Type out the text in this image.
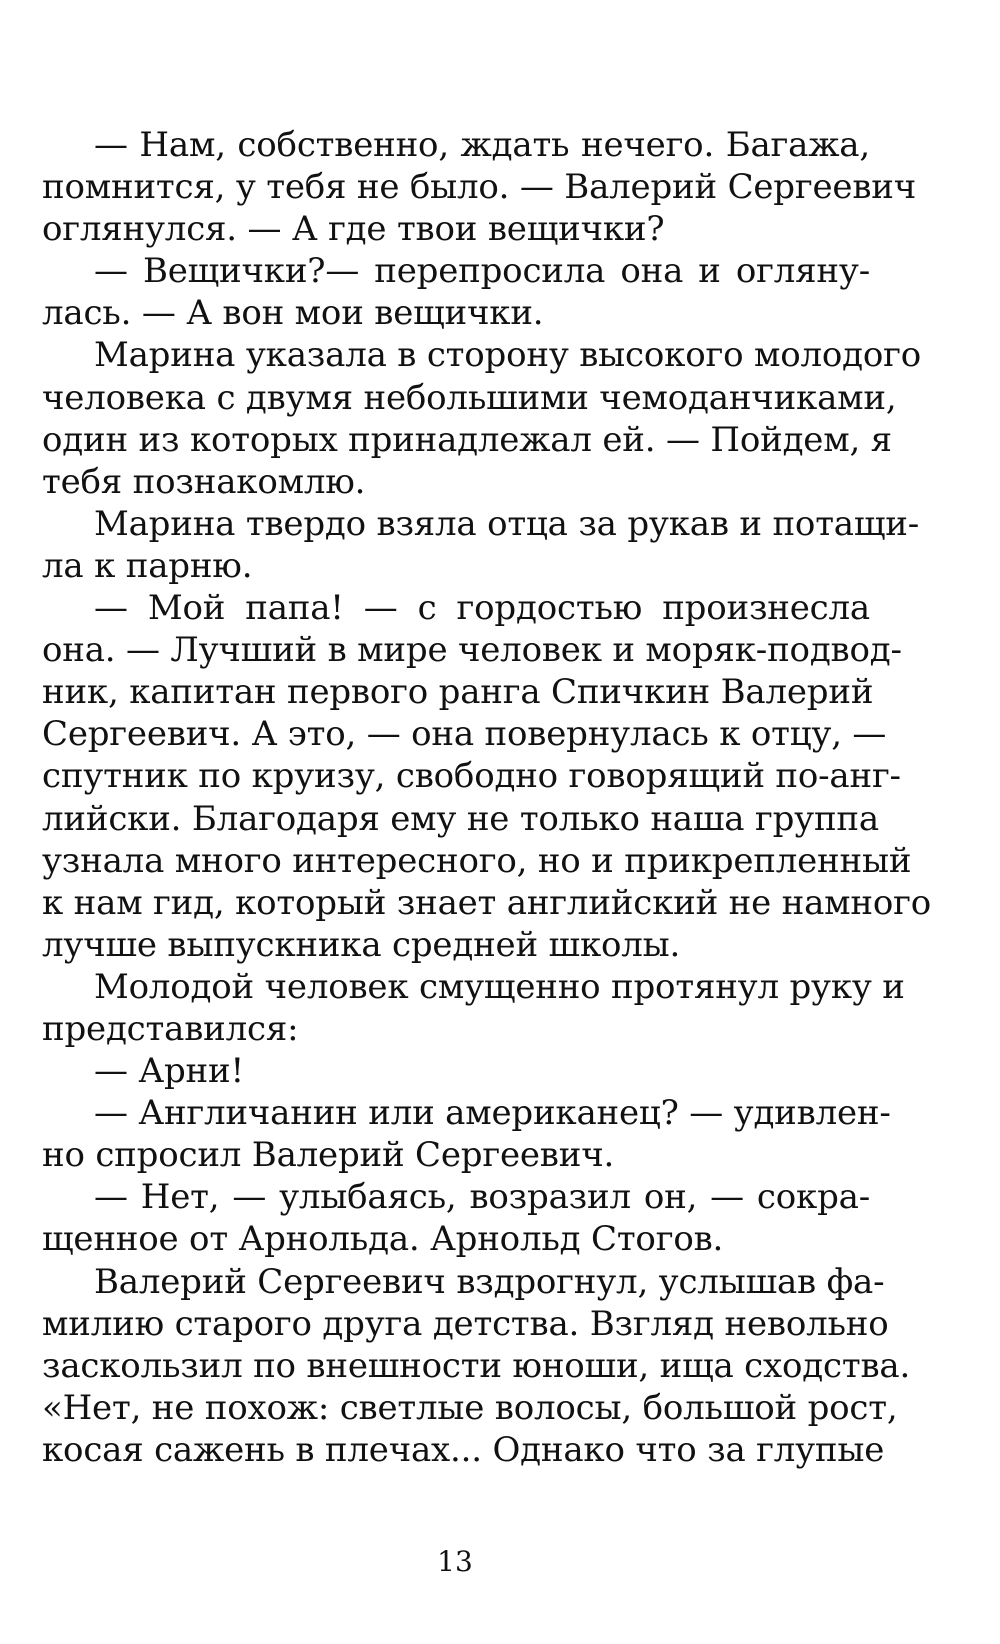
— Нам, собственно, ждать нечего. Багажа,
помнится, у тебя не было. — Валерий Сергеевич
оглянулся. — А где твои вещички?
— Вещички?— перепросила она и огляну-
лась. — А вон мои вещички.
Марина указала в сторону высокого молодого
человека с двумя небольшими чемоданчиками,
один из которых принадлежал ей. — Пойдем, я
тебя познакомлю.
Марина твердо взяла отца за рукав и потащи-
ла к парню.
— Мой папа! — с гордостью произнесла
она. — Лучший в мире человек и моряк-подвод-
ник, капитан первого ранга Спичкин Валерий
Сергеевич. А это, — она повернулась к отцу, —
спутник по круизу, свободно говорящий по-анг-
лийски. Благодаря ему не только наша группа
узнала много интересного, но и прикрепленный
к нам гид, который знает английский не намного
лучше выпускника средней школы.
Молодой человек смущенно протянул руку и
представился:
— Арни!
— Англичанин или американец? — удивлен-
но спросил Валерий Сергеевич.
— Нет, — улыбаясь, возразил он, — сокра-
щенное от Арнольда. Арнольд Стогов.
Валерий Сергеевич вздрогнул, услышав фа-
милию старого друга детства. Взгляд невольно
заскользил по внешности юноши, ища сходства.
«Нет, не похож: светлые волосы, большой рост,
косая сажень в плечах... Однако что за глупые
13
